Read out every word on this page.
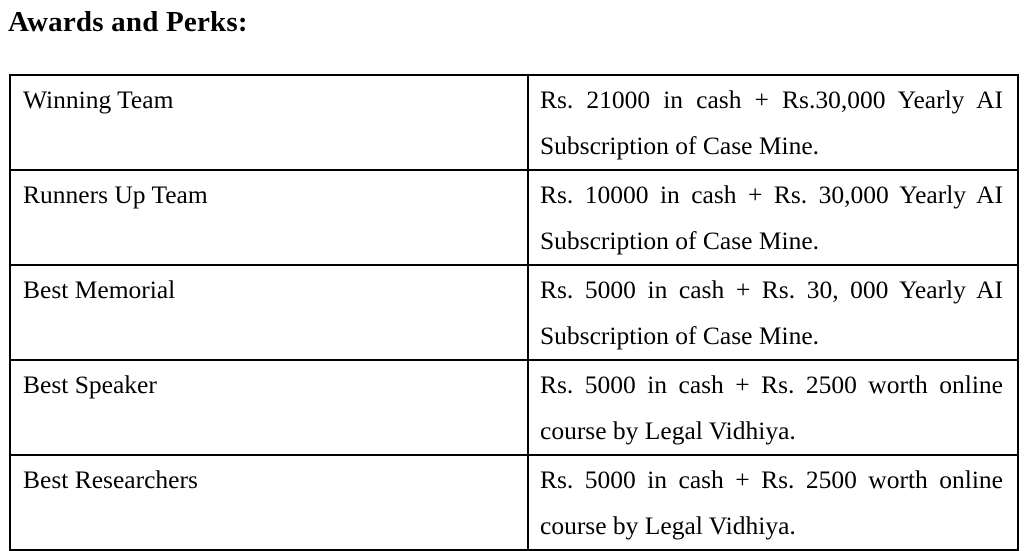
Awards and Perks:
Winning Team	Rs. 21000 in cash + Rs.30,000 Yearly AI
Subscription of Case Mine.

Runners Up Team	Rs. 10000 in cash + Rs. 30,000 Yearly AI
Subscription of Case Mine.

Best Memorial	Rs. 5000 in cash + Rs. 30, 000 Yearly AI
Subscription of Case Mine.

Best Speaker	Rs. 5000 in cash + Rs. 2500 worth online
course by Legal Vidhiya.

Best Researchers	Rs. 5000 in cash + Rs. 2500 worth online
course by Legal Vidhiya.
